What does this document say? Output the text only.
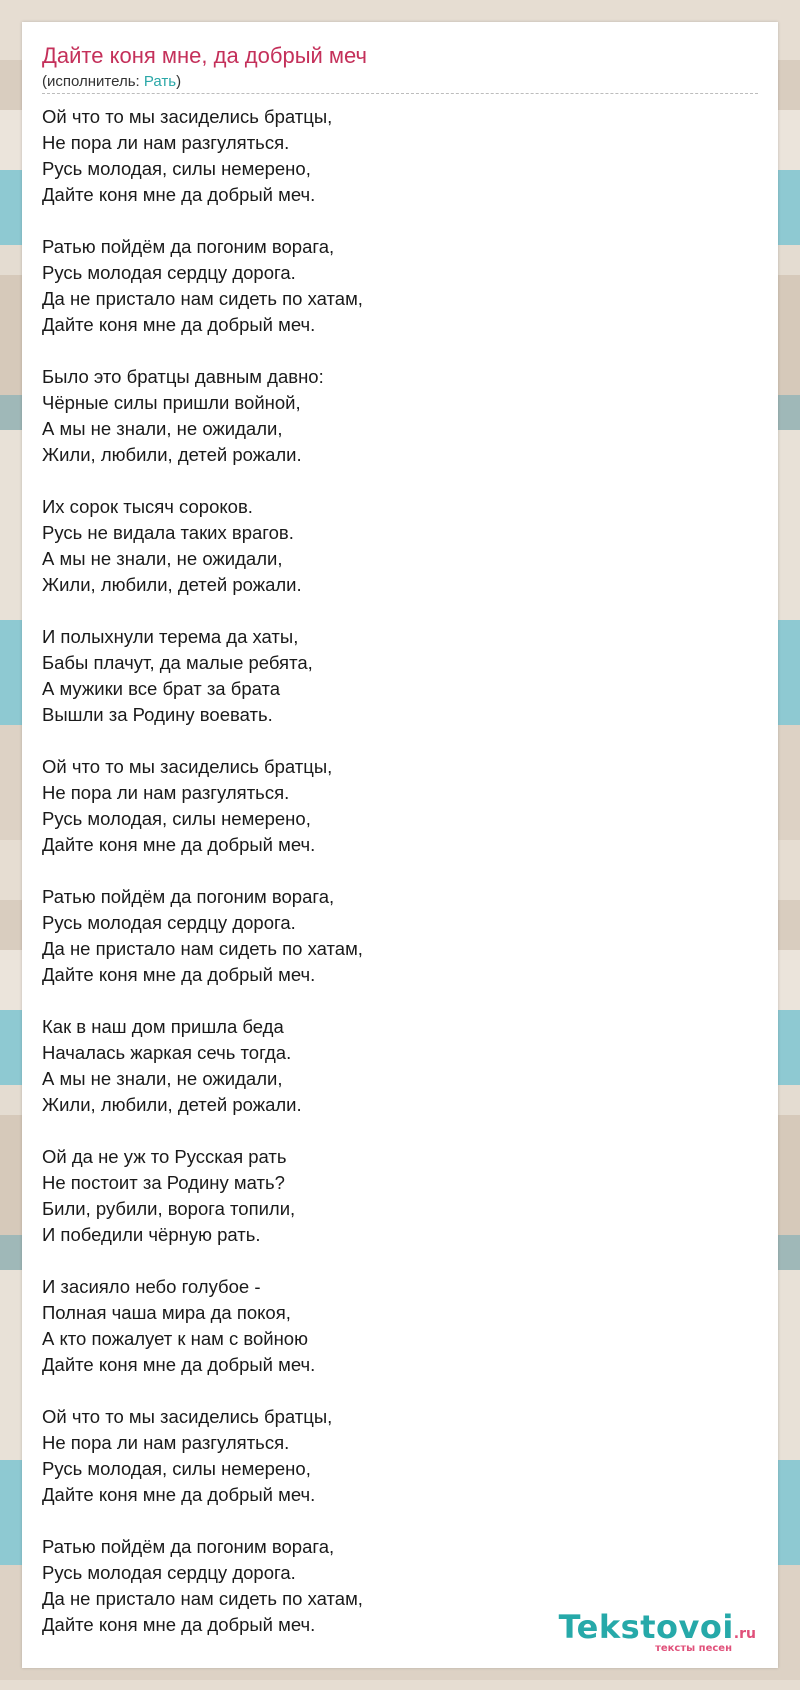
Дайте коня мне, да добрый меч
(исполнитель: Рать)
Ой что то мы засиделись братцы,
Не пора ли нам разгуляться.
Русь молодая, силы немерено,
Дайте коня мне да добрый меч.
Ратью пойдём да погоним ворага,
Русь молодая сердцу дорога.
Да не пристало нам сидеть по хатам,
Дайте коня мне да добрый меч.
Было это братцы давным давно:
Чёрные силы пришли войной,
А мы не знали, не ожидали,
Жили, любили, детей рожали.
Их сорок тысяч сороков.
Русь не видала таких врагов.
А мы не знали, не ожидали,
Жили, любили, детей рожали.
И полыхнули терема да хаты,
Бабы плачут, да малые ребята,
А мужики все брат за брата
Вышли за Родину воевать.
Ой что то мы засиделись братцы,
Не пора ли нам разгуляться.
Русь молодая, силы немерено,
Дайте коня мне да добрый меч.
Ратью пойдём да погоним ворага,
Русь молодая сердцу дорога.
Да не пристало нам сидеть по хатам,
Дайте коня мне да добрый меч.
Как в наш дом пришла беда
Началась жаркая сечь тогда.
А мы не знали, не ожидали,
Жили, любили, детей рожали.
Ой да не уж то Русская рать
Не постоит за Родину мать?
Били, рубили, ворога топили,
И победили чёрную рать.
И засияло небо голубое -
Полная чаша мира да покоя,
А кто пожалует к нам с войною
Дайте коня мне да добрый меч.
Ой что то мы засиделись братцы,
Не пора ли нам разгуляться.
Русь молодая, силы немерено,
Дайте коня мне да добрый меч.
Ратью пойдём да погоним ворага,
Русь молодая сердцу дорога.
Да не пристало нам сидеть по хатам,
Дайте коня мне да добрый меч.	Tekstovoi.ru
тексты песен
